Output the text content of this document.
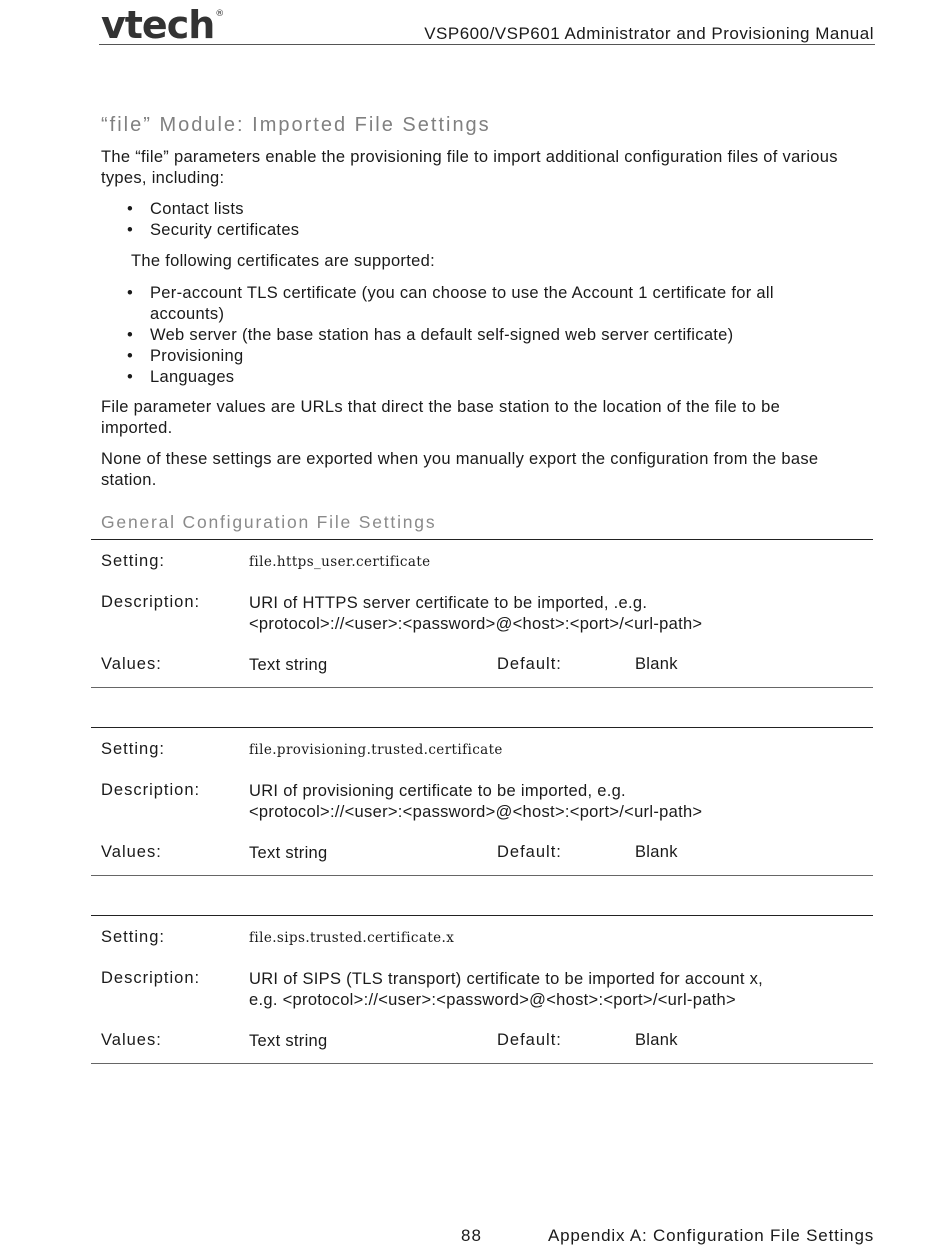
vtech®
VSP600/VSP601 Administrator and Provisioning Manual
“file” Module: Imported File Settings

The “file” parameters enable the provisioning file to import additional configuration files of various types, including:

• Contact lists
• Security certificates

The following certificates are supported:

• Per-account TLS certificate (you can choose to use the Account 1 certificate for all accounts)
• Web server (the base station has a default self-signed web server certificate)
• Provisioning
• Languages

File parameter values are URLs that direct the base station to the location of the file to be imported.

None of these settings are exported when you manually export the configuration from the base station.

General Configuration File Settings
Setting:	file.https_user.certificate
Description:	URI of HTTPS server certificate to be imported, .e.g.
<protocol>://<user>:<password>@<host>:<port>/<url-path>
Values:	Text string	Default:	Blank
Setting:	file.provisioning.trusted.certificate
Description:	URI of provisioning certificate to be imported, e.g.
<protocol>://<user>:<password>@<host>:<port>/<url-path>
Values:	Text string	Default:	Blank
Setting:	file.sips.trusted.certificate.x
Description:	URI of SIPS (TLS transport) certificate to be imported for account x,
e.g. <protocol>://<user>:<password>@<host>:<port>/<url-path>
Values:	Text string	Default:	Blank
88	Appendix A: Configuration File Settings
